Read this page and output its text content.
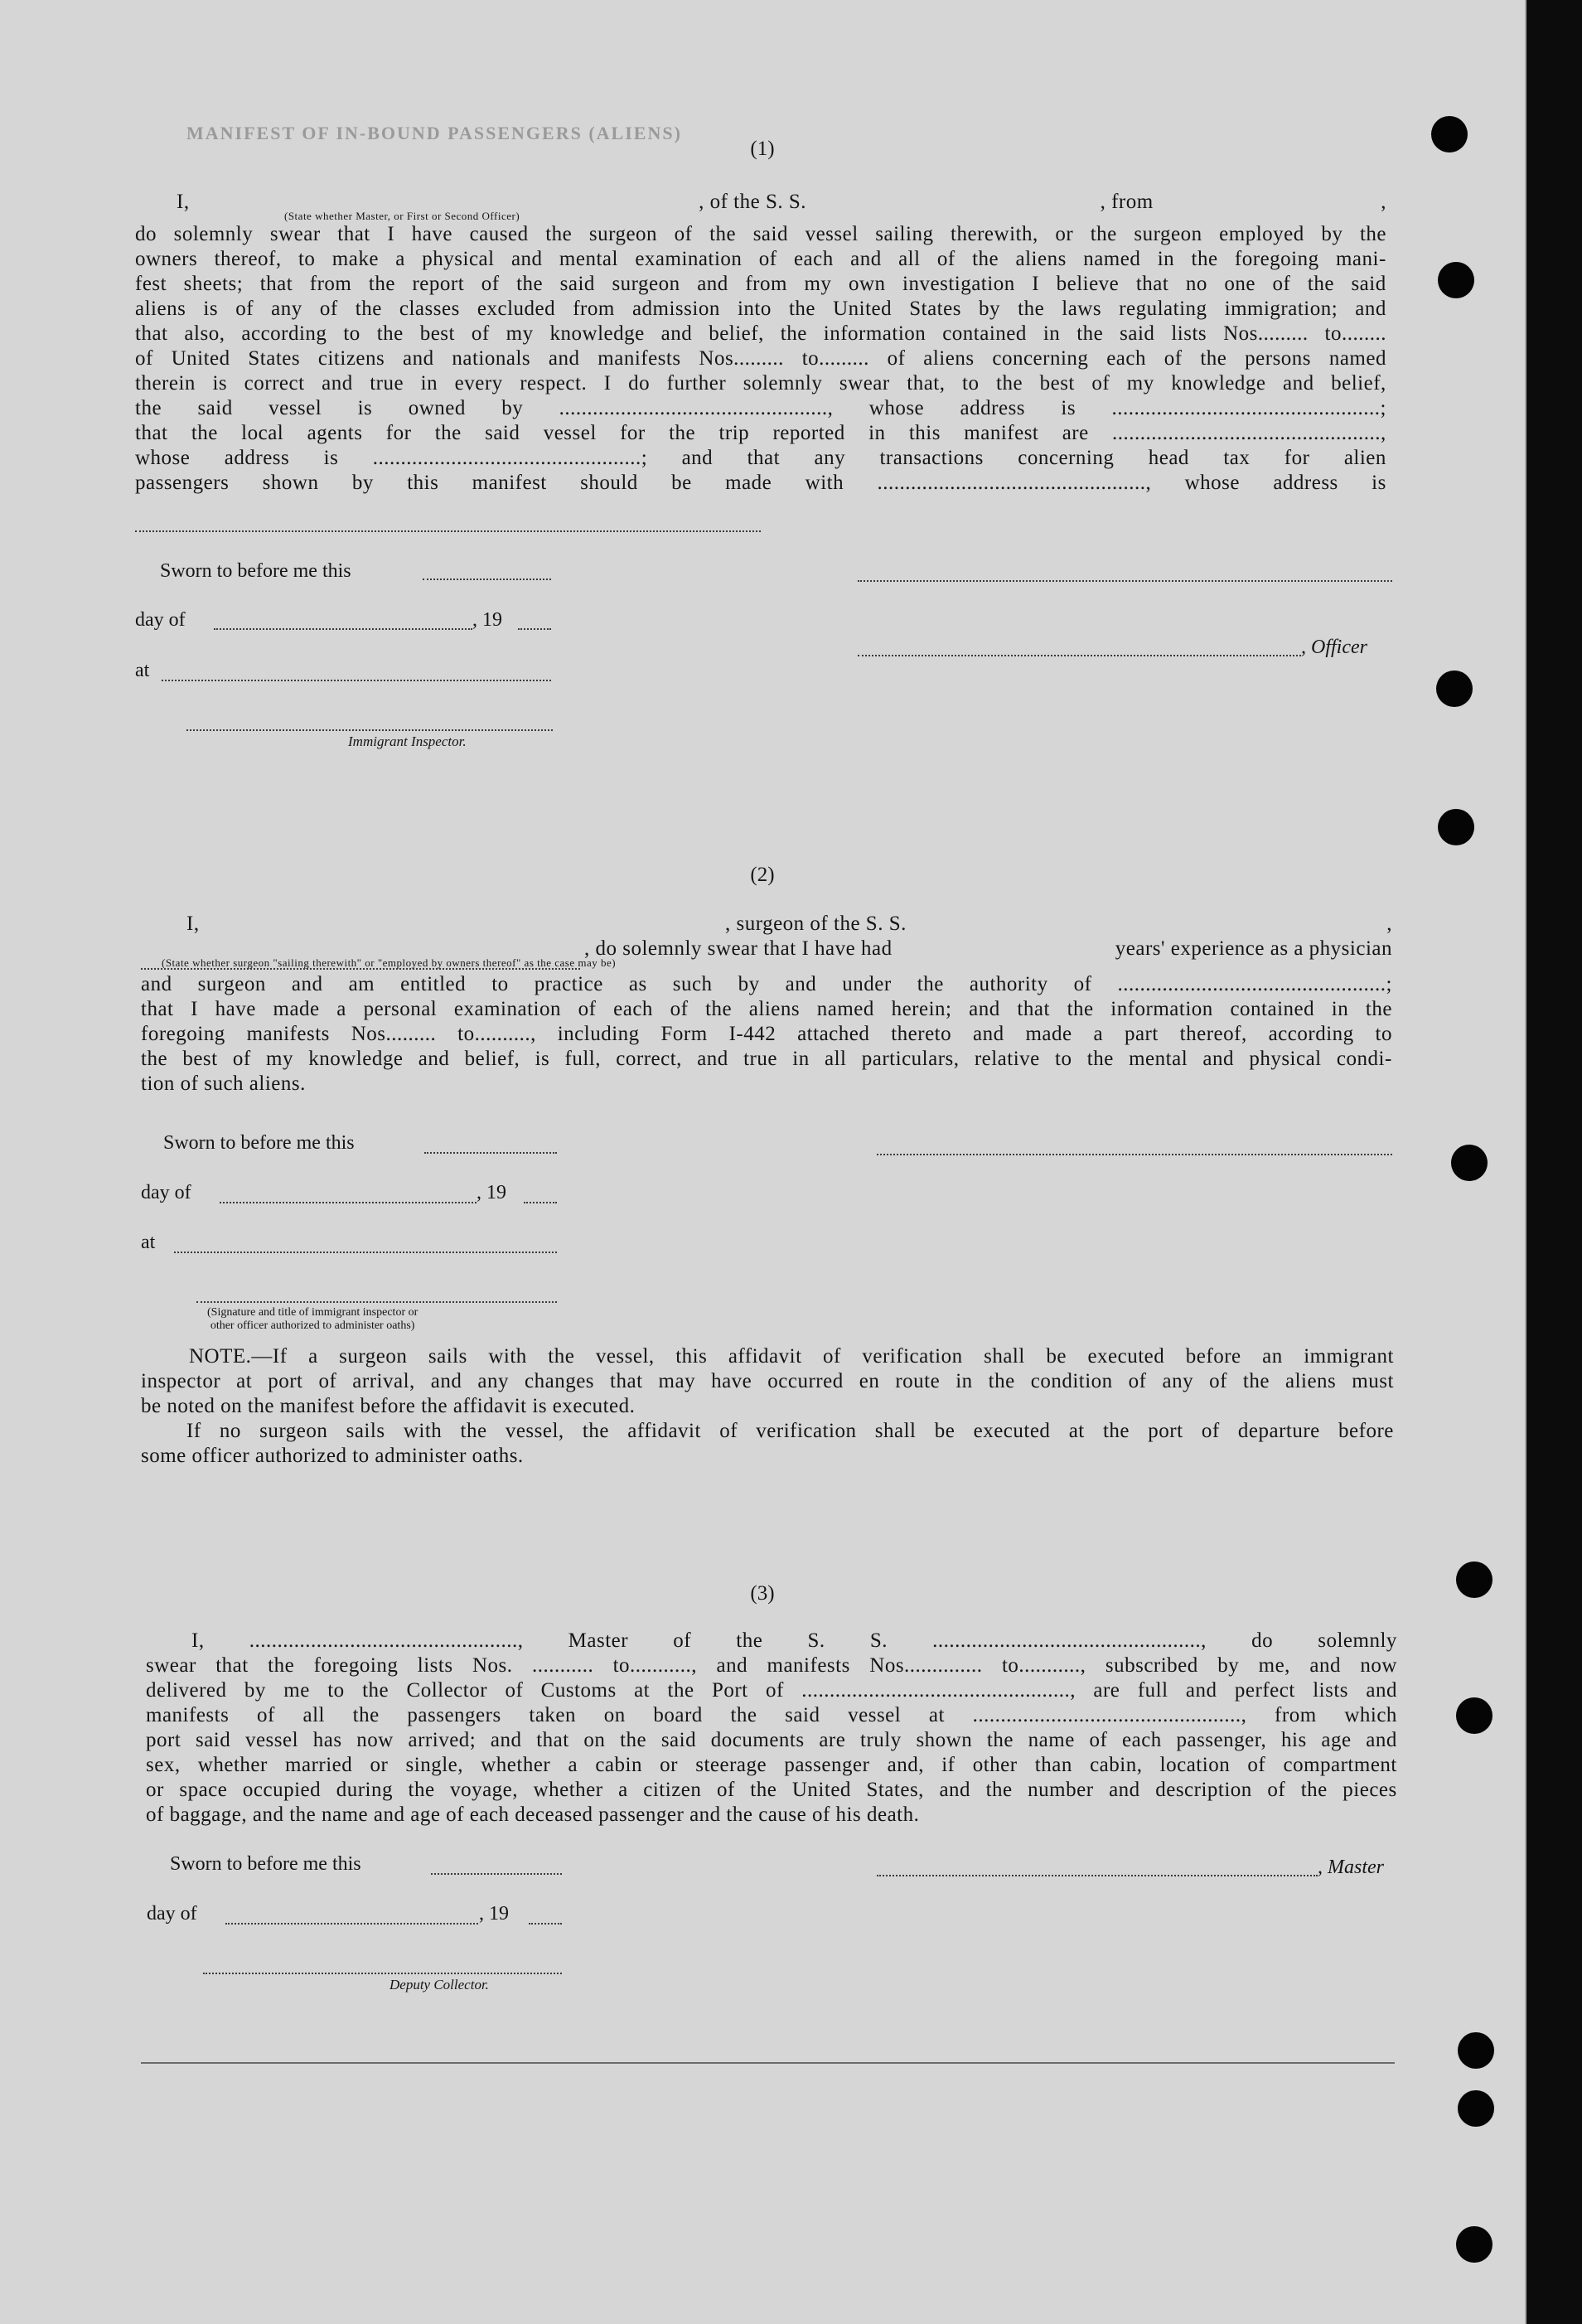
MANIFEST OF IN-BOUND PASSENGERS (ALIENS)
(1)
I,	, of the S. S.	, from	,
(State whether Master, or First or Second Officer)

do solemnly swear that I have caused the surgeon of the said vessel sailing therewith, or the surgeon employed by the

owners thereof, to make a physical and mental examination of each and all of the aliens named in the foregoing mani-

fest sheets; that from the report of the said surgeon and from my own investigation I believe that no one of the said

aliens is of any of the classes excluded from admission into the United States by the laws regulating immigration; and

that also, according to the best of my knowledge and belief, the information contained in the said lists Nos......... to........

of United States citizens and nationals and manifests Nos......... to......... of aliens concerning each of the persons named

therein is correct and true in every respect. I do further solemnly swear that, to the best of my knowledge and belief,

the said vessel is owned by ................................................, whose address is ................................................;

that the local agents for the said vessel for the trip reported in this manifest are ................................................,

whose address is ................................................; and that any transactions concerning head tax for alien

passengers shown by this manifest should be made with ................................................, whose address is

Sworn to before me this
day of	, 19
, Officer
at
Immigrant Inspector.
(2)
I,	, surgeon of the S. S.	,
, do solemnly swear that I have had	years' experience as a physician
(State whether surgeon "sailing therewith" or "employed by owners thereof" as the case may be)

and surgeon and am entitled to practice as such by and under the authority of ................................................;

that I have made a personal examination of each of the aliens named herein; and that the information contained in the

foregoing manifests Nos......... to.........., including Form I-442 attached thereto and made a part thereof, according to

the best of my knowledge and belief, is full, correct, and true in all particulars, relative to the mental and physical condi-

tion of such aliens.

Sworn to before me this
day of	, 19
at
(Signature and title of immigrant inspector or
other officer authorized to administer oaths)

NOTE.—If a surgeon sails with the vessel, this affidavit of verification shall be executed before an immigrant

inspector at port of arrival, and any changes that may have occurred en route in the condition of any of the aliens must

be noted on the manifest before the affidavit is executed.

If no surgeon sails with the vessel, the affidavit of verification shall be executed at the port of departure before

some officer authorized to administer oaths.

(3)

I, ................................................, Master of the S. S. ................................................, do solemnly

swear that the foregoing lists Nos. ........... to..........., and manifests Nos.............. to..........., subscribed by me, and now

delivered by me to the Collector of Customs at the Port of ................................................, are full and perfect lists and

manifests of all the passengers taken on board the said vessel at ................................................, from which

port said vessel has now arrived; and that on the said documents are truly shown the name of each passenger, his age and

sex, whether married or single, whether a cabin or steerage passenger and, if other than cabin, location of compartment

or space occupied during the voyage, whether a citizen of the United States, and the number and description of the pieces

of baggage, and the name and age of each deceased passenger and the cause of his death.

Sworn to before me this	, Master
day of	, 19
Deputy Collector.
